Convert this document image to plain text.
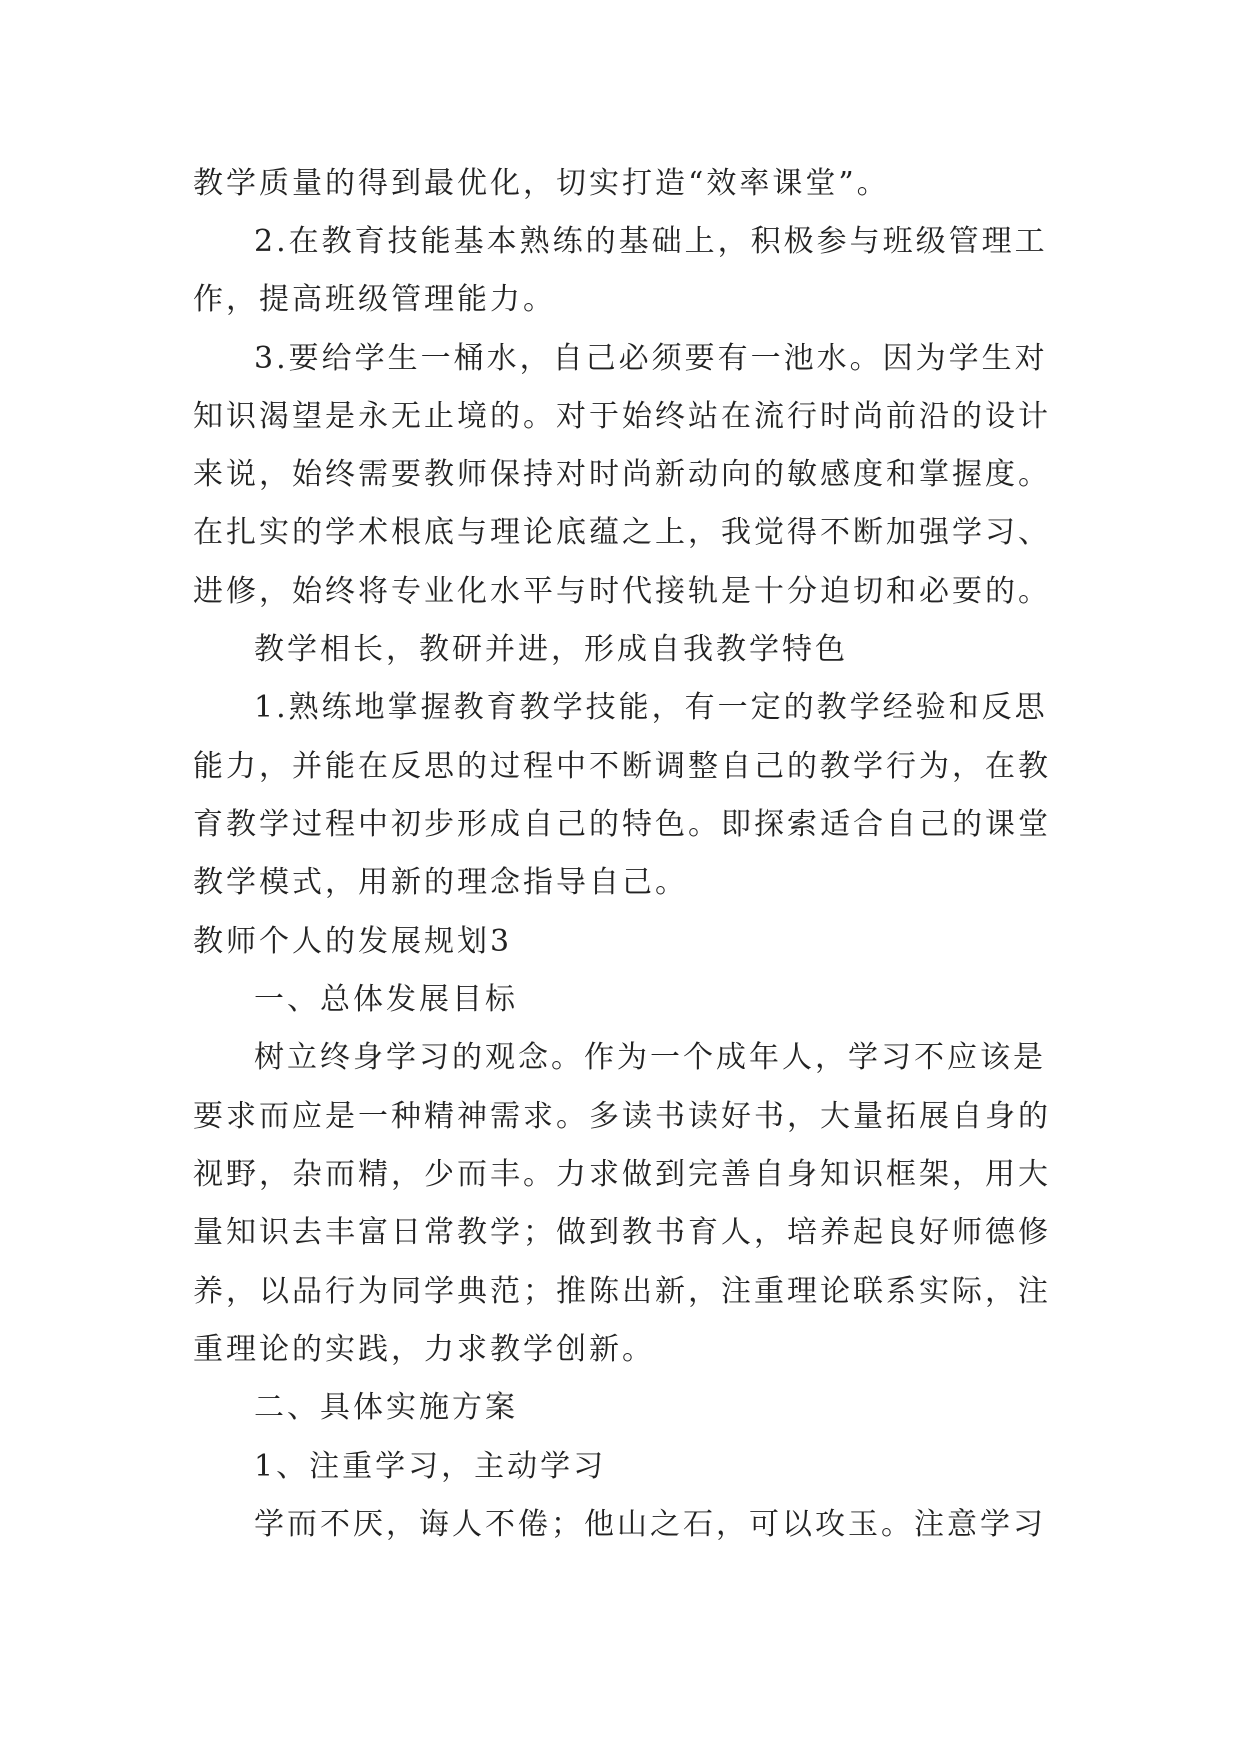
教学质量的得到最优化，切实打造“效率课堂”。
2.在教育技能基本熟练的基础上，积极参与班级管理工
作，提高班级管理能力。
3.要给学生一桶水，自己必须要有一池水。因为学生对
知识渴望是永无止境的。对于始终站在流行时尚前沿的设计
来说，始终需要教师保持对时尚新动向的敏感度和掌握度。
在扎实的学术根底与理论底蕴之上，我觉得不断加强学习、
进修，始终将专业化水平与时代接轨是十分迫切和必要的。
教学相长，教研并进，形成自我教学特色
1.熟练地掌握教育教学技能，有一定的教学经验和反思
能力，并能在反思的过程中不断调整自己的教学行为，在教
育教学过程中初步形成自己的特色。即探索适合自己的课堂
教学模式，用新的理念指导自己。
教师个人的发展规划3
一、总体发展目标
树立终身学习的观念。作为一个成年人，学习不应该是
要求而应是一种精神需求。多读书读好书，大量拓展自身的
视野，杂而精，少而丰。力求做到完善自身知识框架，用大
量知识去丰富日常教学；做到教书育人，培养起良好师德修
养，以品行为同学典范；推陈出新，注重理论联系实际，注
重理论的实践，力求教学创新。
二、具体实施方案
1、注重学习，主动学习
学而不厌，诲人不倦；他山之石，可以攻玉。注意学习
